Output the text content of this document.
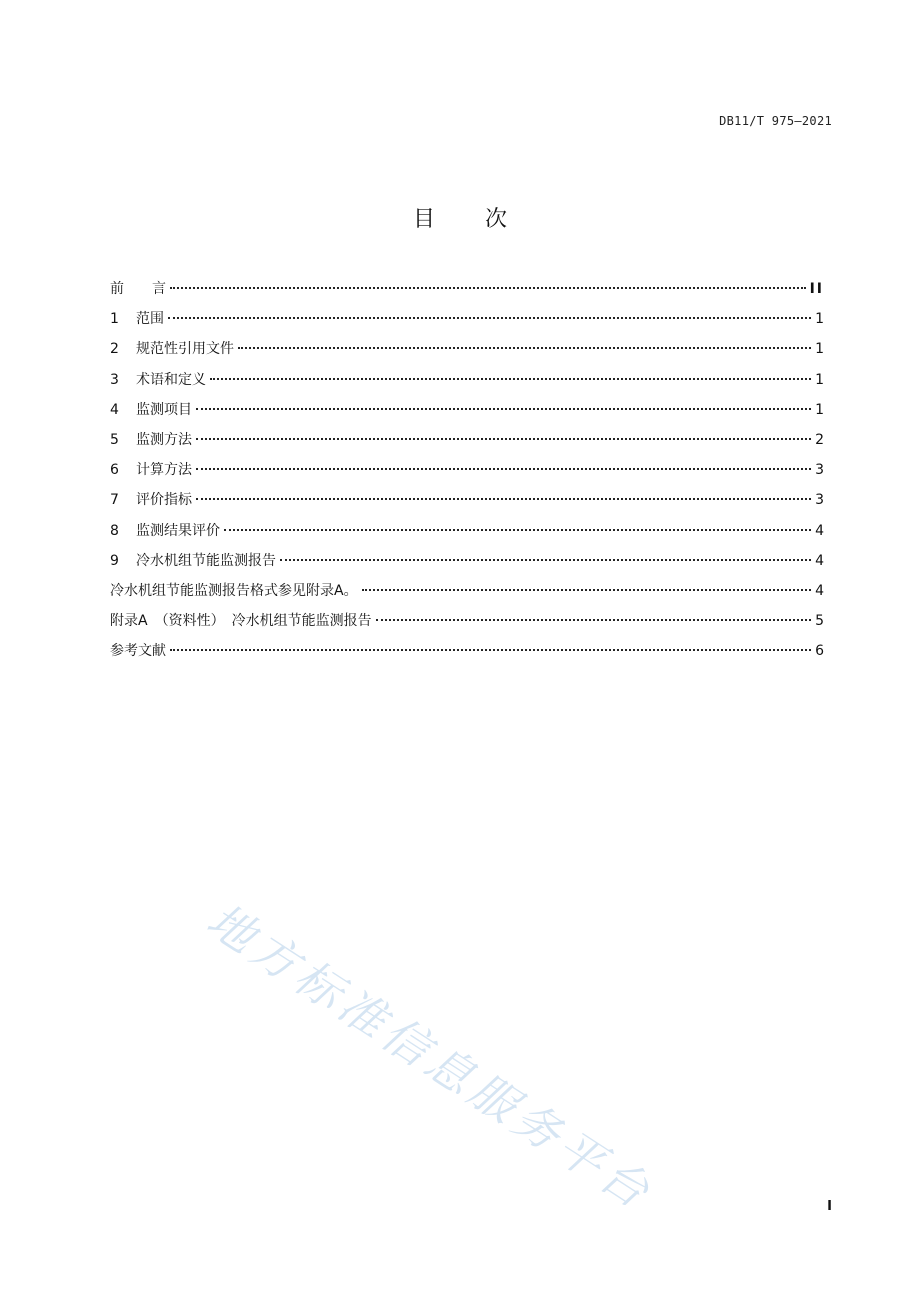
DB11/T 975—2021
目 次
前　　言	II
1	范围	1
2	规范性引用文件	1
3	术语和定义	1
4	监测项目	1
5	监测方法	2
6	计算方法	3
7	评价指标	3
8	监测结果评价	4
9	冷水机组节能监测报告	4
冷水机组节能监测报告格式参见附录A。	4
附录A　（资料性）　冷水机组节能监测报告	5
参考文献	6
地方标准信息服务平台	I
